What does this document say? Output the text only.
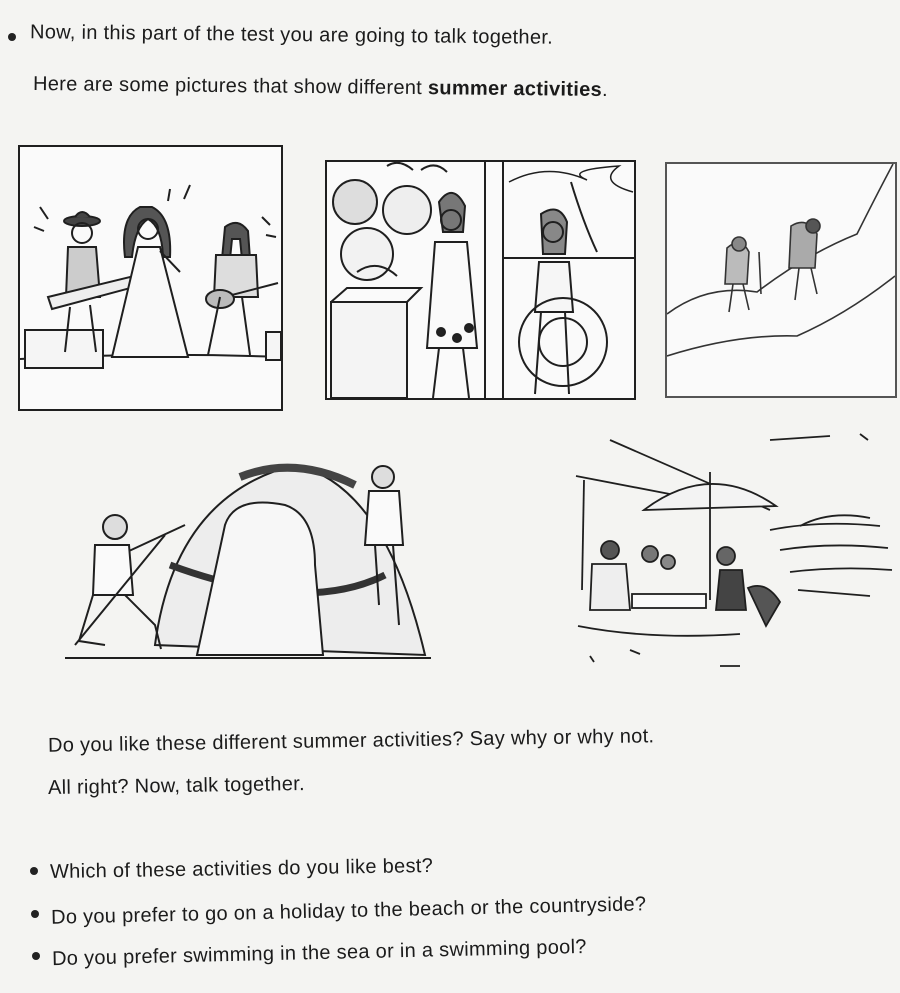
Now, in this part of the test you are going to talk together.
Here are some pictures that show different summer activities.
Do you like these different summer activities? Say why or why not.
All right? Now, talk together.
Which of these activities do you like best?
Do you prefer to go on a holiday to the beach or the countryside?
Do you prefer swimming in the sea or in a swimming pool?
